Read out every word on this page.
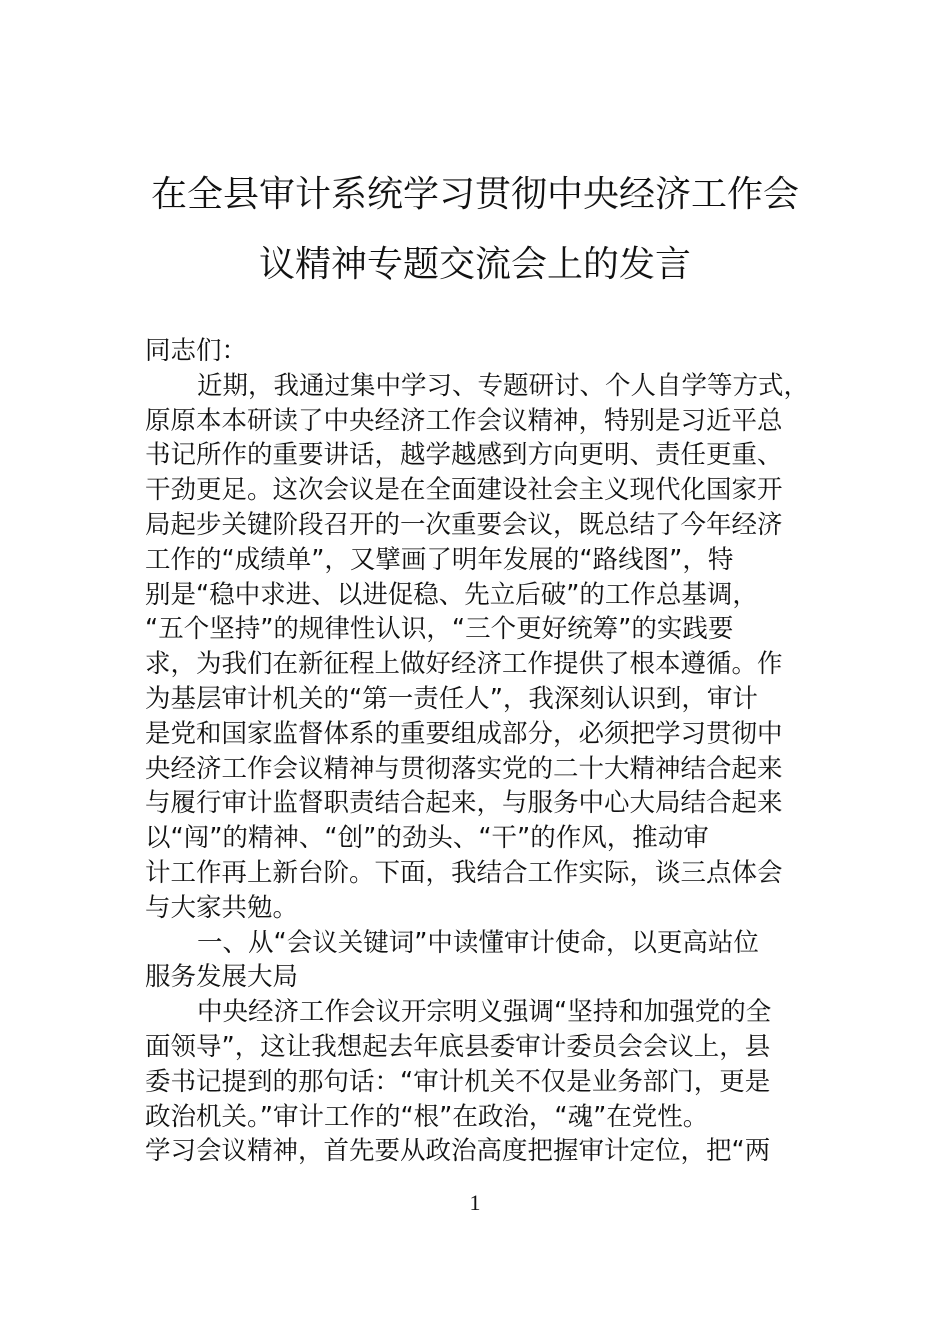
在全县审计系统学习贯彻中央经济工作会
议精神专题交流会上的发言
同志们：
近期，我通过集中学习、专题研讨、个人自学等方式，
原原本本研读了中央经济工作会议精神，特别是习近平总
书记所作的重要讲话，越学越感到方向更明、责任更重、
干劲更足。这次会议是在全面建设社会主义现代化国家开
局起步关键阶段召开的一次重要会议，既总结了今年经济
工作的“成绩单”，又擘画了明年发展的“路线图”，特
别是“稳中求进、以进促稳、先立后破”的工作总基调，
“五个坚持”的规律性认识，“三个更好统筹”的实践要
求，为我们在新征程上做好经济工作提供了根本遵循。作
为基层审计机关的“第一责任人”，我深刻认识到，审计
是党和国家监督体系的重要组成部分，必须把学习贯彻中
央经济工作会议精神与贯彻落实党的二十大精神结合起来
与履行审计监督职责结合起来，与服务中心大局结合起来
以“闯”的精神、“创”的劲头、“干”的作风，推动审
计工作再上新台阶。下面，我结合工作实际，谈三点体会
与大家共勉。
一、从“会议关键词”中读懂审计使命，以更高站位
服务发展大局
中央经济工作会议开宗明义强调“坚持和加强党的全
面领导”，这让我想起去年底县委审计委员会会议上，县
委书记提到的那句话：“审计机关不仅是业务部门，更是
政治机关。”审计工作的“根”在政治，“魂”在党性。
学习会议精神，首先要从政治高度把握审计定位，把“两
1
